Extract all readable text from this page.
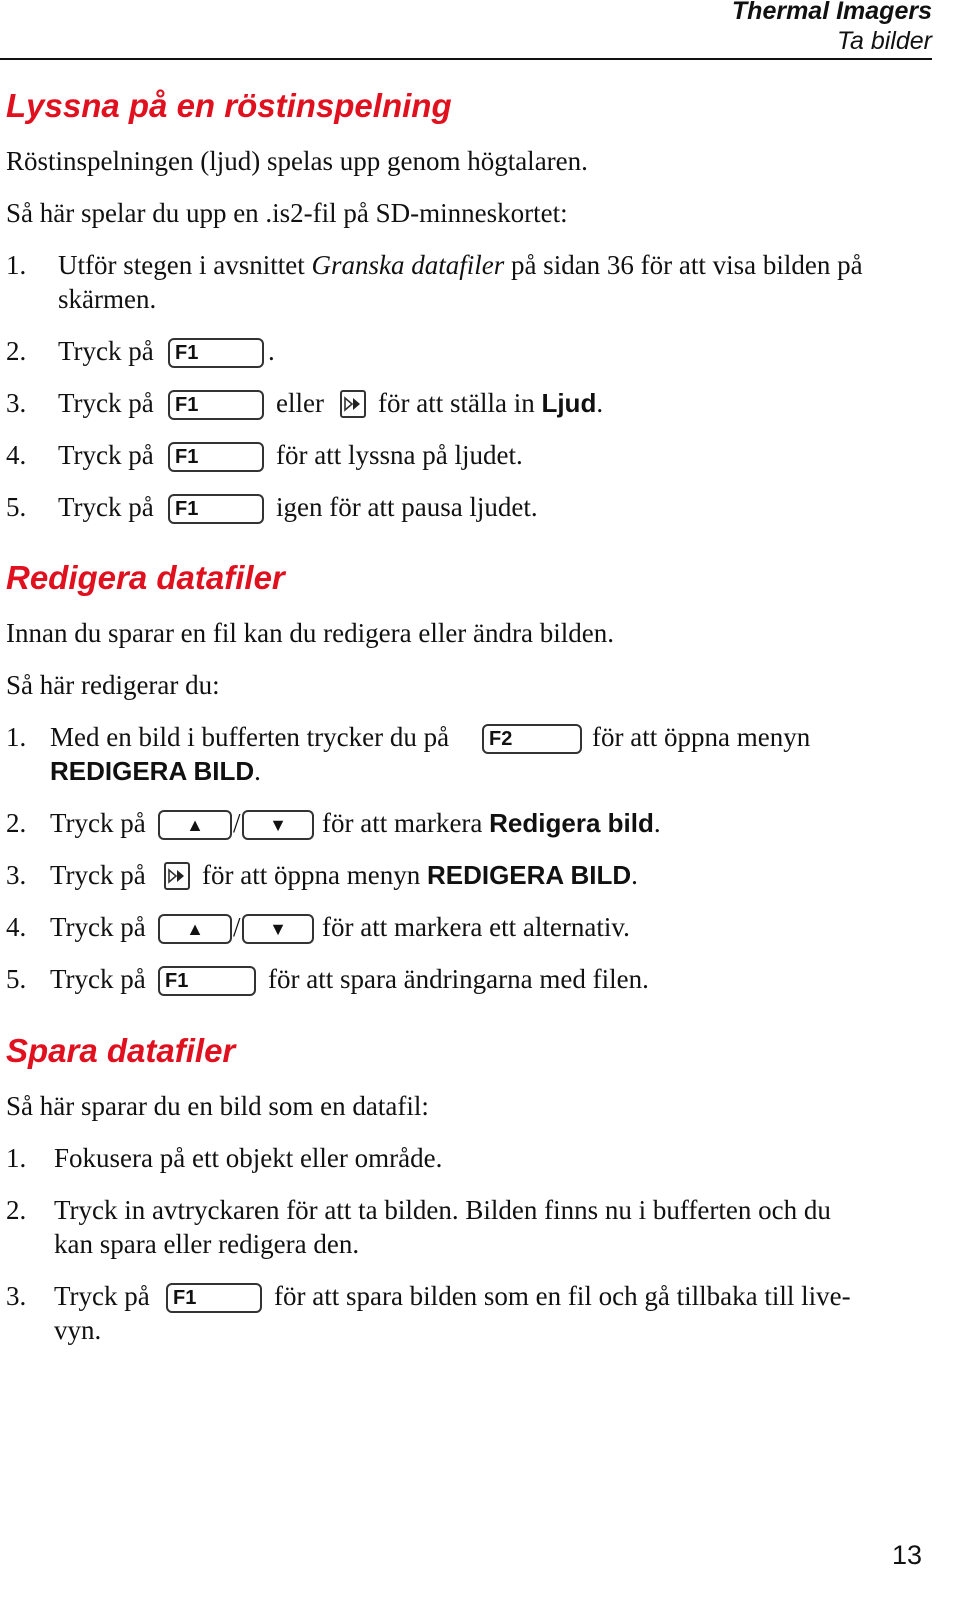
Thermal Imagers
Ta bilder
Lyssna på en röstinspelning
Röstinspelningen (ljud) spelas upp genom högtalaren.
Så här spelar du upp en .is2-fil på SD-minneskortet:
1. Utför stegen i avsnittet Granska datafiler på sidan 36 för att visa bilden på
skärmen.
2. Tryck på	F1	.
3. Tryck på	F1	eller för att ställa in Ljud.
4. Tryck på	F1	för att lyssna på ljudet.
5. Tryck på	F1	igen för att pausa ljudet.
Redigera datafiler
Innan du sparar en fil kan du redigera eller ändra bilden.
Så här redigerar du:
1. Med en bild i bufferten trycker du på	F2	för att öppna menyn
REDIGERA BILD.
2. Tryck på	▲	/	▼	för att markera Redigera bild.
3. Tryck på för att öppna menyn REDIGERA BILD.
4. Tryck på	▲	/	▼	för att markera ett alternativ.
5. Tryck på F1	för att spara ändringarna med filen.
Spara datafiler
Så här sparar du en bild som en datafil:
1. Fokusera på ett objekt eller område.
2. Tryck in avtryckaren för att ta bilden. Bilden finns nu i bufferten och du
kan spara eller redigera den.
3. Tryck på	F1	för att spara bilden som en fil och gå tillbaka till live-
vyn.
13
